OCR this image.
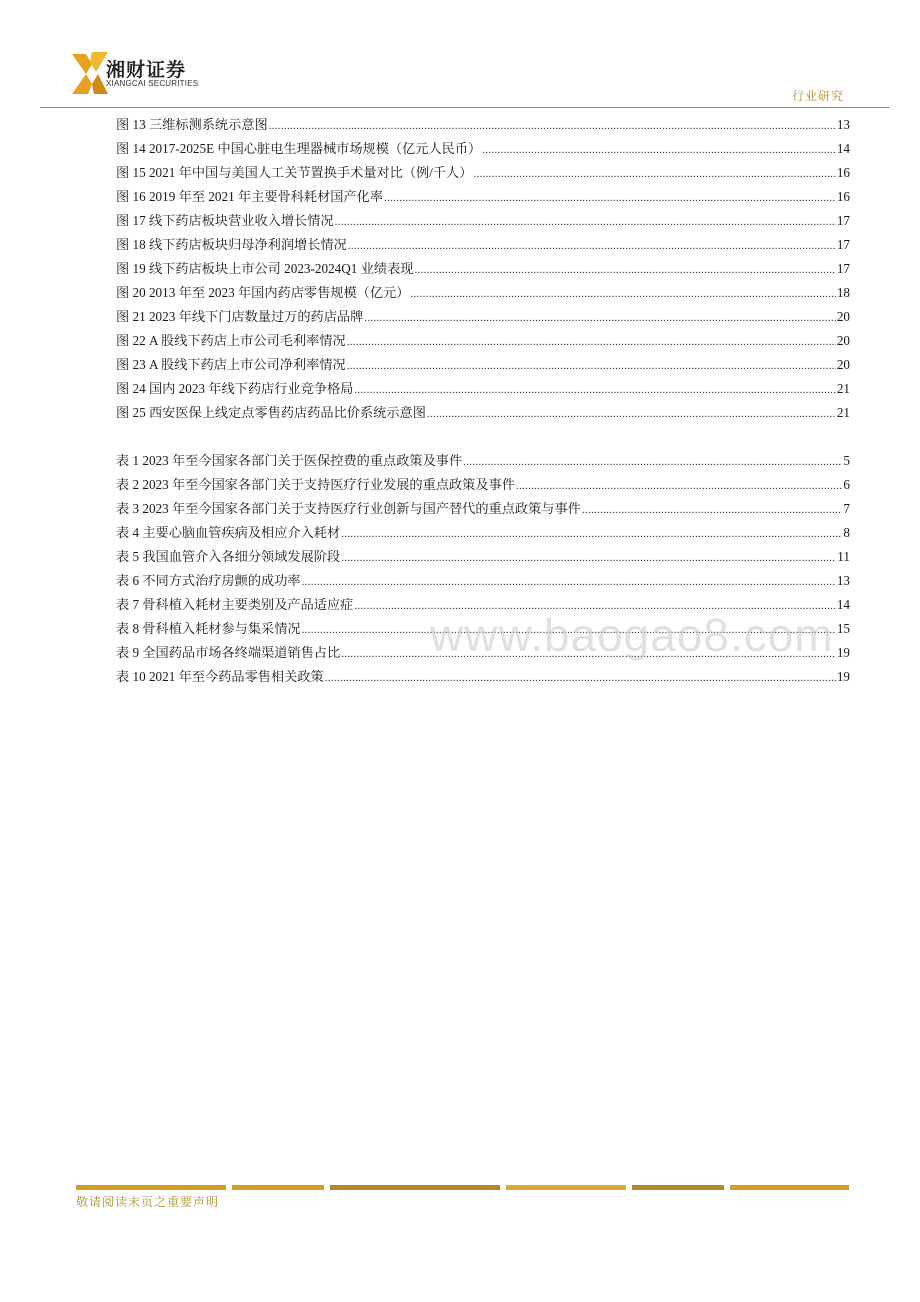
湘财证券
XIANGCAI SECURITIES
行业研究
图 13 三维标测系统示意图 .....	13
图 14 2017-2025E 中国心脏电生理器械市场规模（亿元人民币） .....	14
图 15 2021 年中国与美国人工关节置换手术量对比（例/千人） .....	16
图 16 2019 年至 2021 年主要骨科耗材国产化率 .....	16
图 17 线下药店板块营业收入增长情况 .....	17
图 18 线下药店板块归母净利润增长情况 .....	17
图 19 线下药店板块上市公司 2023-2024Q1 业绩表现 .....	17
图 20 2013 年至 2023 年国内药店零售规模（亿元） .....	18
图 21 2023 年线下门店数量过万的药店品牌 .....	20
图 22 A 股线下药店上市公司毛利率情况 .....	20
图 23 A 股线下药店上市公司净利率情况 .....	20
图 24 国内 2023 年线下药店行业竞争格局 .....	21
图 25 西安医保上线定点零售药店药品比价系统示意图 .....	21
表 1 2023 年至今国家各部门关于医保控费的重点政策及事件 .....	5
表 2 2023 年至今国家各部门关于支持医疗行业发展的重点政策及事件 .....	6
表 3 2023 年至今国家各部门关于支持医疗行业创新与国产替代的重点政策与事件 .....	7
表 4 主要心脑血管疾病及相应介入耗材 .....	8
表 5 我国血管介入各细分领域发展阶段 .....	11
表 6 不同方式治疗房颤的成功率 .....	13
表 7 骨科植入耗材主要类别及产品适应症 .....	14
表 8 骨科植入耗材参与集采情况 .....	15
表 9 全国药品市场各终端渠道销售占比 .....	19
表 10 2021 年至今药品零售相关政策 .....	19
www.baogao8.com
敬请阅读末页之重要声明
